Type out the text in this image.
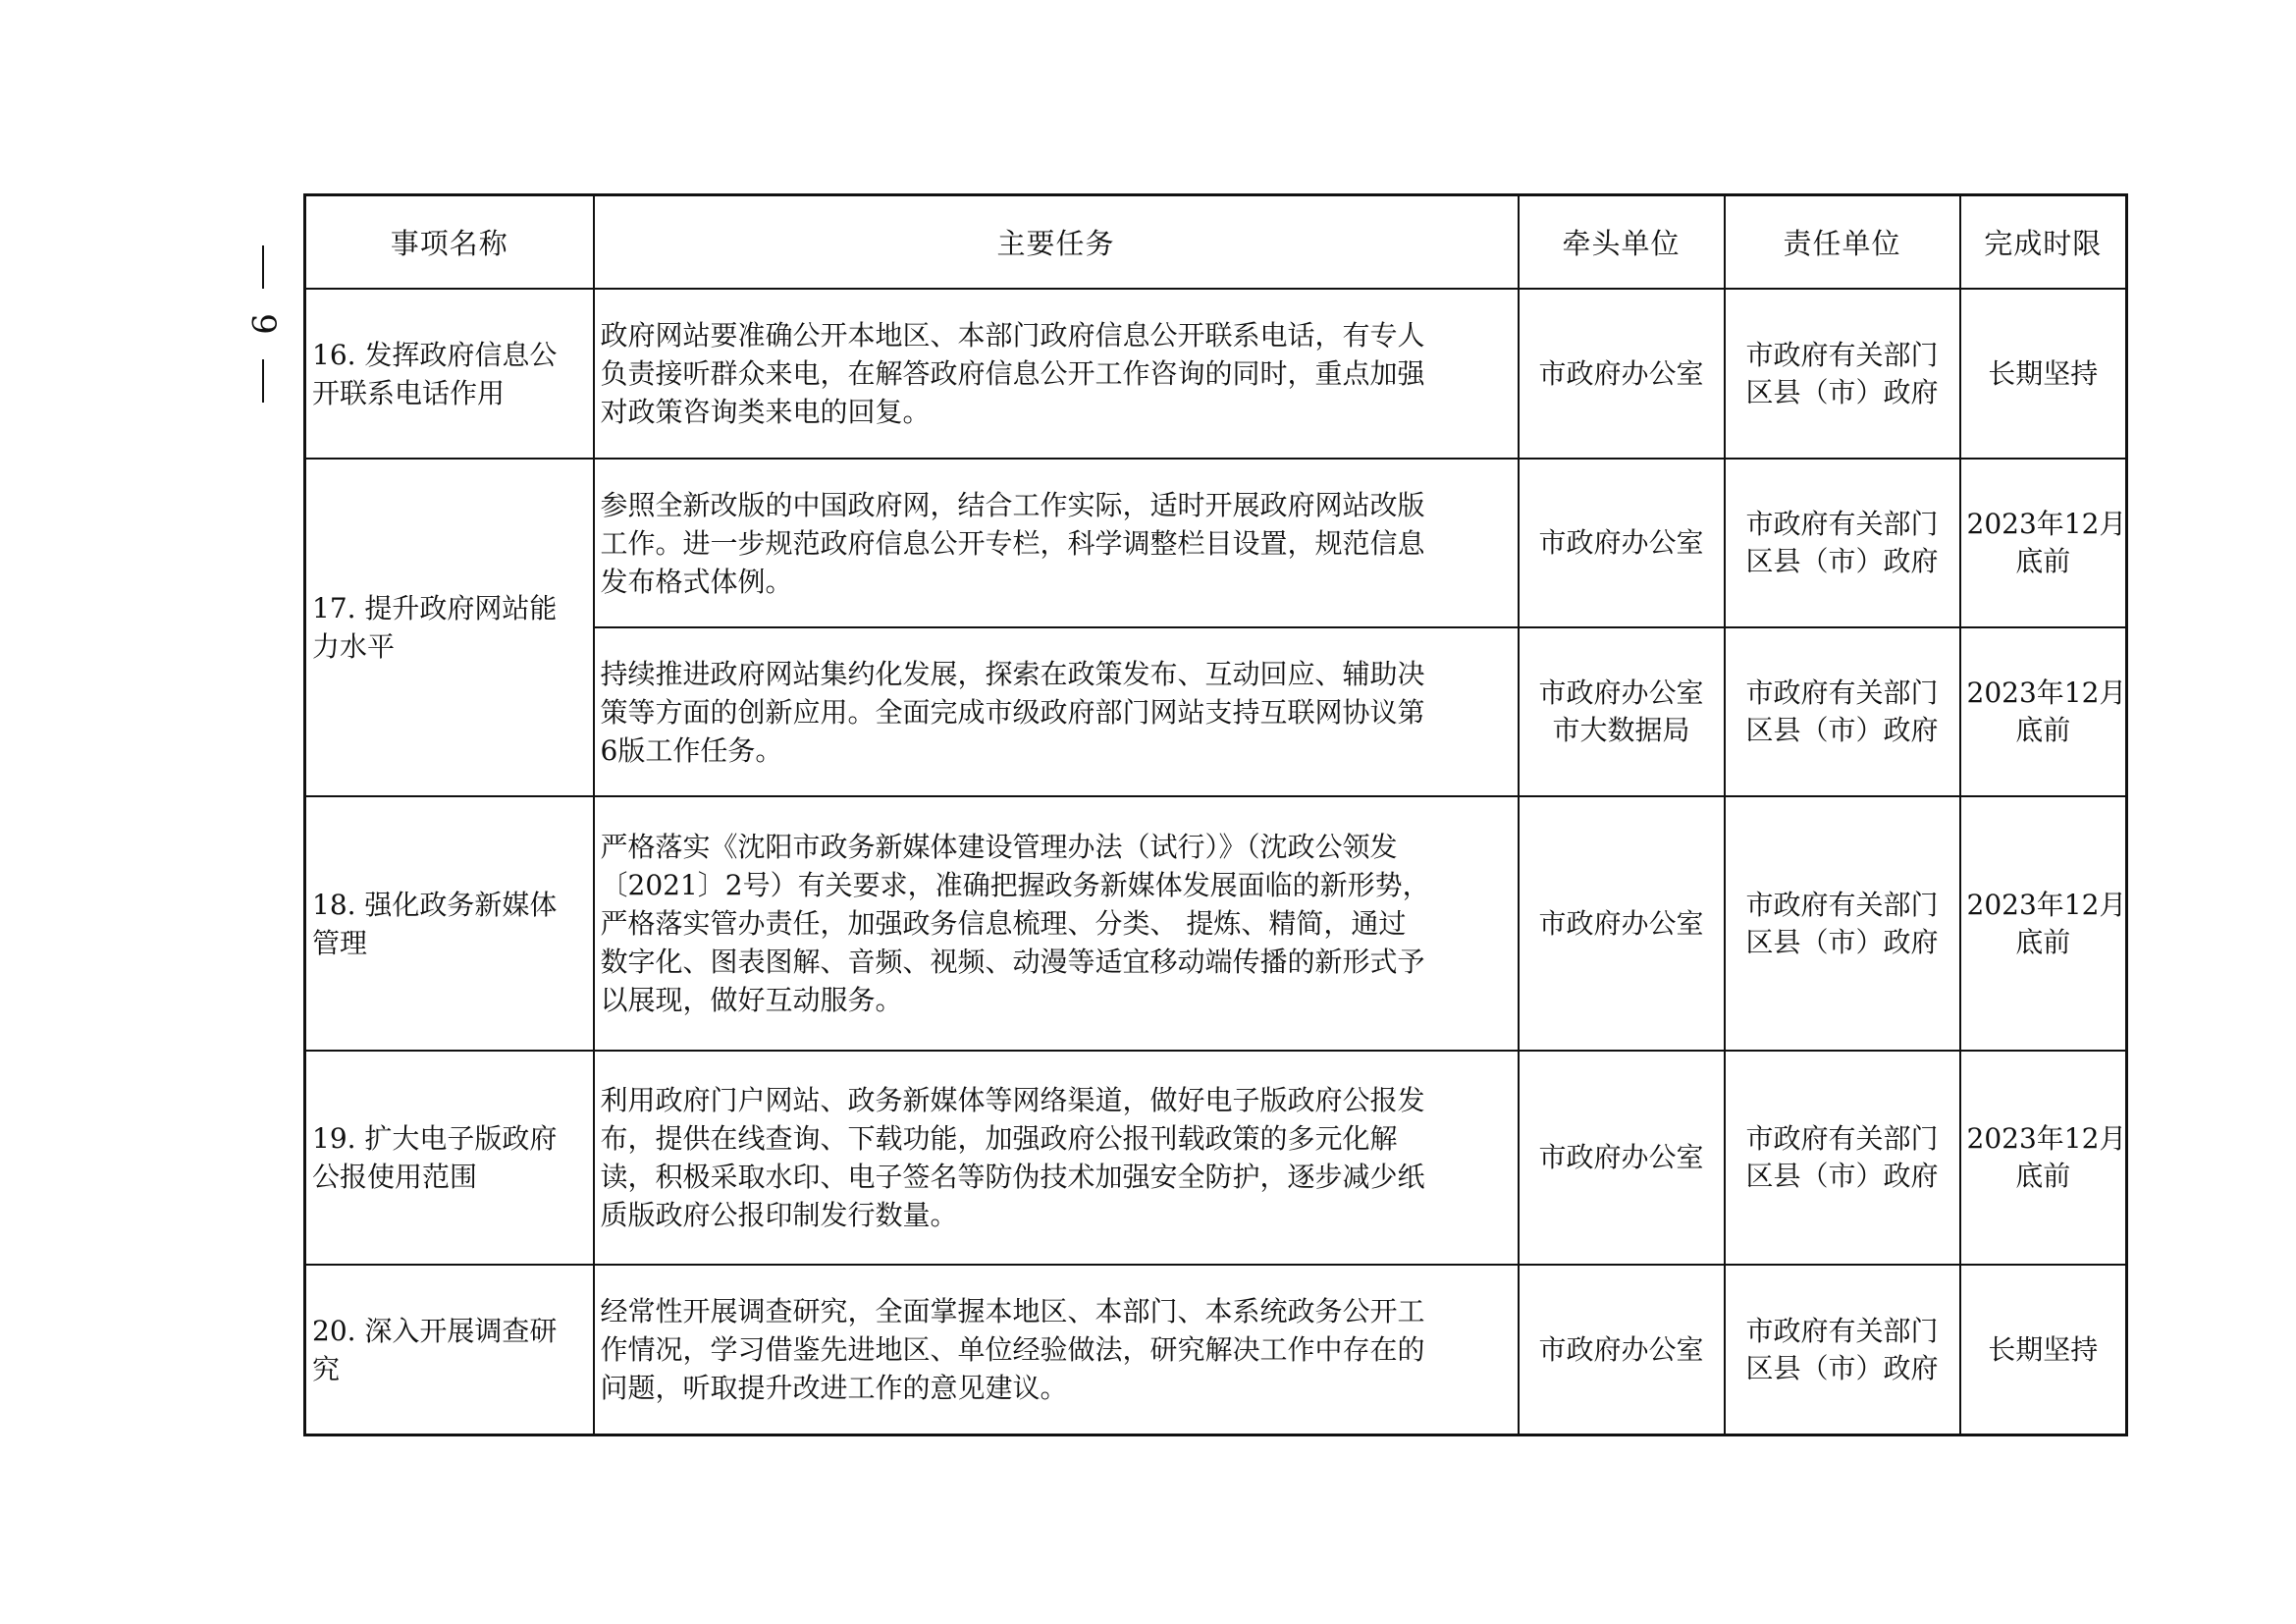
9
事项名称	主要任务	牵头单位	责任单位	完成时限

16. 发挥政府信息公
开联系电话作用	政府网站要准确公开本地区、本部门政府信息公开联系电话，有专人
负责接听群众来电，在解答政府信息公开工作咨询的同时，重点加强
对政策咨询类来电的回复。	市政府办公室	市政府有关部门
区县（市）政府	长期坚持

17. 提升政府网站能
力水平	参照全新改版的中国政府网，结合工作实际，适时开展政府网站改版
工作。进一步规范政府信息公开专栏，科学调整栏目设置，规范信息
发布格式体例。	市政府办公室	市政府有关部门
区县（市）政府	2023年12月
底前

	持续推进政府网站集约化发展，探索在政策发布、互动回应、辅助决
策等方面的创新应用。全面完成市级政府部门网站支持互联网协议第
6版工作任务。	市政府办公室
市大数据局	市政府有关部门
区县（市）政府	2023年12月
底前

18. 强化政务新媒体
管理	严格落实《沈阳市政务新媒体建设管理办法（试行）》（沈政公领发
〔2021〕2号）有关要求，准确把握政务新媒体发展面临的新形势，
严格落实管办责任，加强政务信息梳理、分类、 提炼、精简，通过
数字化、图表图解、音频、视频、动漫等适宜移动端传播的新形式予
以展现，做好互动服务。	市政府办公室	市政府有关部门
区县（市）政府	2023年12月
底前

19. 扩大电子版政府
公报使用范围	利用政府门户网站、政务新媒体等网络渠道，做好电子版政府公报发
布，提供在线查询、下载功能，加强政府公报刊载政策的多元化解
读，积极采取水印、电子签名等防伪技术加强安全防护，逐步减少纸
质版政府公报印制发行数量。	市政府办公室	市政府有关部门
区县（市）政府	2023年12月
底前

20. 深入开展调查研
究	经常性开展调查研究，全面掌握本地区、本部门、本系统政务公开工
作情况，学习借鉴先进地区、单位经验做法，研究解决工作中存在的
问题，听取提升改进工作的意见建议。	市政府办公室	市政府有关部门
区县（市）政府	长期坚持
